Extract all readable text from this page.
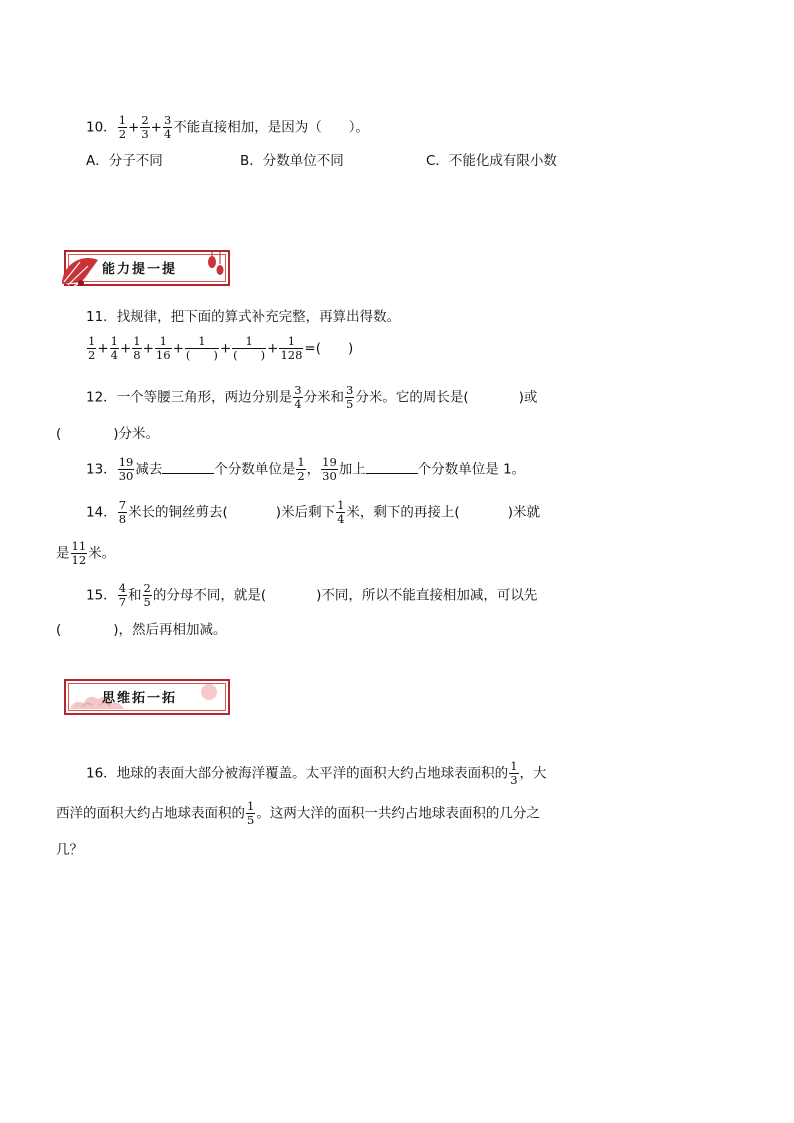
10． $\frac{1}{2} + \frac{2}{3} + \frac{3}{4}$ 不能直接相加，是因为（　　）。
A．分子不同	B．分数单位不同	C．不能化成有限小数
能力提一提
11．找规律，把下面的算式补充完整，再算出得数。
$\frac{1}{2} + \frac{1}{4} + \frac{1}{8} + \frac{1}{16} + \frac{1}{( )} + \frac{1}{( )} + \frac{1}{128}$ =(　　)
12．一个等腰三角形，两边分别是 $\frac{3}{4}$ 分米和 $\frac{3}{5}$ 分米。它的周长是(	)或
(	)分米。
13． $\frac{19}{30}$ 减去	个分数单位是 $\frac{1}{2}$ ， $\frac{19}{30}$ 加上	个分数单位是 1。
14． $\frac{7}{8}$ 米长的铜丝剪去(	)米后剩下 $\frac{1}{4}$ 米，剩下的再接上(	)米就
是 $\frac{11}{12}$ 米。
15． $\frac{4}{7}$ 和 $\frac{2}{5}$ 的分母不同，就是(	)不同，所以不能直接相加减，可以先
(	)，然后再相加减。
思维拓一拓
16．地球的表面大部分被海洋覆盖。太平洋的面积大约占地球表面积的 $\frac{1}{3}$ ，大
西洋的面积大约占地球表面积的 $\frac{1}{5}$ 。这两大洋的面积一共约占地球表面积的几分之
几？
